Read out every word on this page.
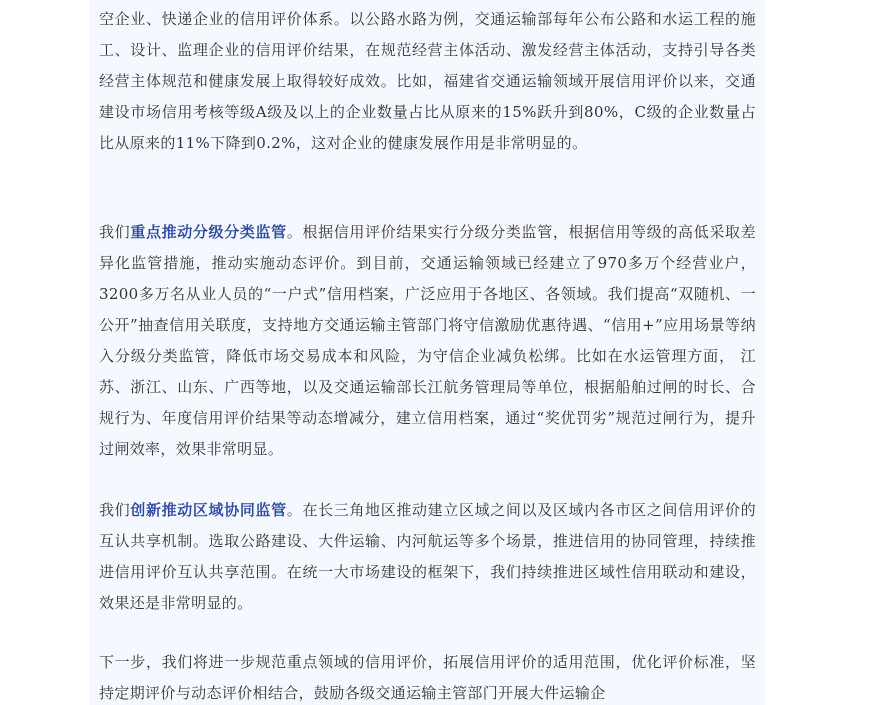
空企业、快递企业的信用评价体系。以公路水路为例，交通运输部每年公布公路和水运工程的施工、设计、监理企业的信用评价结果，在规范经营主体活动、激发经营主体活动，支持引导各类经营主体规范和健康发展上取得较好成效。比如，福建省交通运输领域开展信用评价以来，交通建设市场信用考核等级A级及以上的企业数量占比从原来的15%跃升到80%，C级的企业数量占比从原来的11%下降到0.2%，这对企业的健康发展作用是非常明显的。

我们重点推动分级分类监管。根据信用评价结果实行分级分类监管，根据信用等级的高低采取差异化监管措施，推动实施动态评价。到目前，交通运输领域已经建立了970多万个经营业户，3200多万名从业人员的“一户式”信用档案，广泛应用于各地区、各领域。我们提高“双随机、一公开”抽查信用关联度，支持地方交通运输主管部门将守信激励优惠待遇、“信用+”应用场景等纳入分级分类监管，降低市场交易成本和风险，为守信企业减负松绑。比如在水运管理方面， 江苏、浙江、山东、广西等地，以及交通运输部长江航务管理局等单位，根据船舶过闸的时长、合规行为、年度信用评价结果等动态增减分，建立信用档案，通过“奖优罚劣”规范过闸行为，提升过闸效率，效果非常明显。

我们创新推动区域协同监管。在长三角地区推动建立区域之间以及区域内各市区之间信用评价的互认共享机制。选取公路建设、大件运输、内河航运等多个场景，推进信用的协同管理，持续推进信用评价互认共享范围。在统一大市场建设的框架下，我们持续推进区域性信用联动和建设，效果还是非常明显的。

下一步，我们将进一步规范重点领域的信用评价，拓展信用评价的适用范围，优化评价标准，坚持定期评价与动态评价相结合，鼓励各级交通运输主管部门开展大件运输企
